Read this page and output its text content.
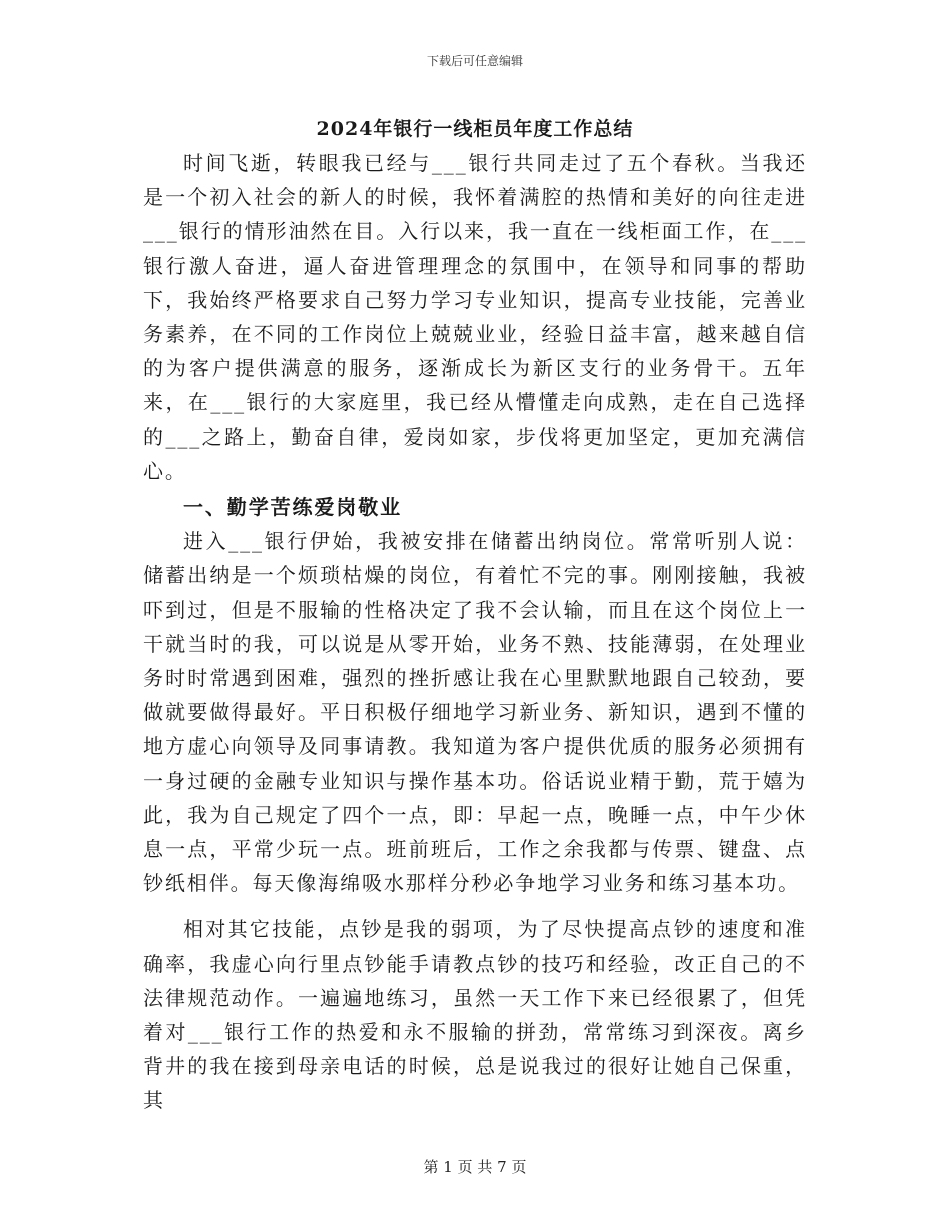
下载后可任意编辑
2024年银行一线柜员年度工作总结

时间飞逝，转眼我已经与___银行共同走过了五个春秋。当我还是一个初入社会的新人的时候，我怀着满腔的热情和美好的向往走进___银行的情形油然在目。入行以来，我一直在一线柜面工作，在___银行激人奋进，逼人奋进管理理念的氛围中，在领导和同事的帮助下，我始终严格要求自己努力学习专业知识，提高专业技能，完善业务素养，在不同的工作岗位上兢兢业业，经验日益丰富，越来越自信的为客户提供满意的服务，逐渐成长为新区支行的业务骨干。五年来，在___银行的大家庭里，我已经从懵懂走向成熟，走在自己选择的___之路上，勤奋自律，爱岗如家，步伐将更加坚定，更加充满信心。

一、勤学苦练爱岗敬业

进入___银行伊始，我被安排在储蓄出纳岗位。常常听别人说：储蓄出纳是一个烦琐枯燥的岗位，有着忙不完的事。刚刚接触，我被吓到过，但是不服输的性格决定了我不会认输，而且在这个岗位上一干就当时的我，可以说是从零开始，业务不熟、技能薄弱，在处理业务时时常遇到困难，强烈的挫折感让我在心里默默地跟自己较劲，要做就要做得最好。平日积极仔细地学习新业务、新知识，遇到不懂的地方虚心向领导及同事请教。我知道为客户提供优质的服务必须拥有一身过硬的金融专业知识与操作基本功。俗话说业精于勤，荒于嬉为此，我为自己规定了四个一点，即：早起一点，晚睡一点，中午少休息一点，平常少玩一点。班前班后，工作之余我都与传票、键盘、点钞纸相伴。每天像海绵吸水那样分秒必争地学习业务和练习基本功。

相对其它技能，点钞是我的弱项，为了尽快提高点钞的速度和准确率，我虚心向行里点钞能手请教点钞的技巧和经验，改正自己的不法律规范动作。一遍遍地练习，虽然一天工作下来已经很累了，但凭着对___银行工作的热爱和永不服输的拼劲，常常练习到深夜。离乡背井的我在接到母亲电话的时候，总是说我过的很好让她自己保重，其

第 1 页 共 7 页
